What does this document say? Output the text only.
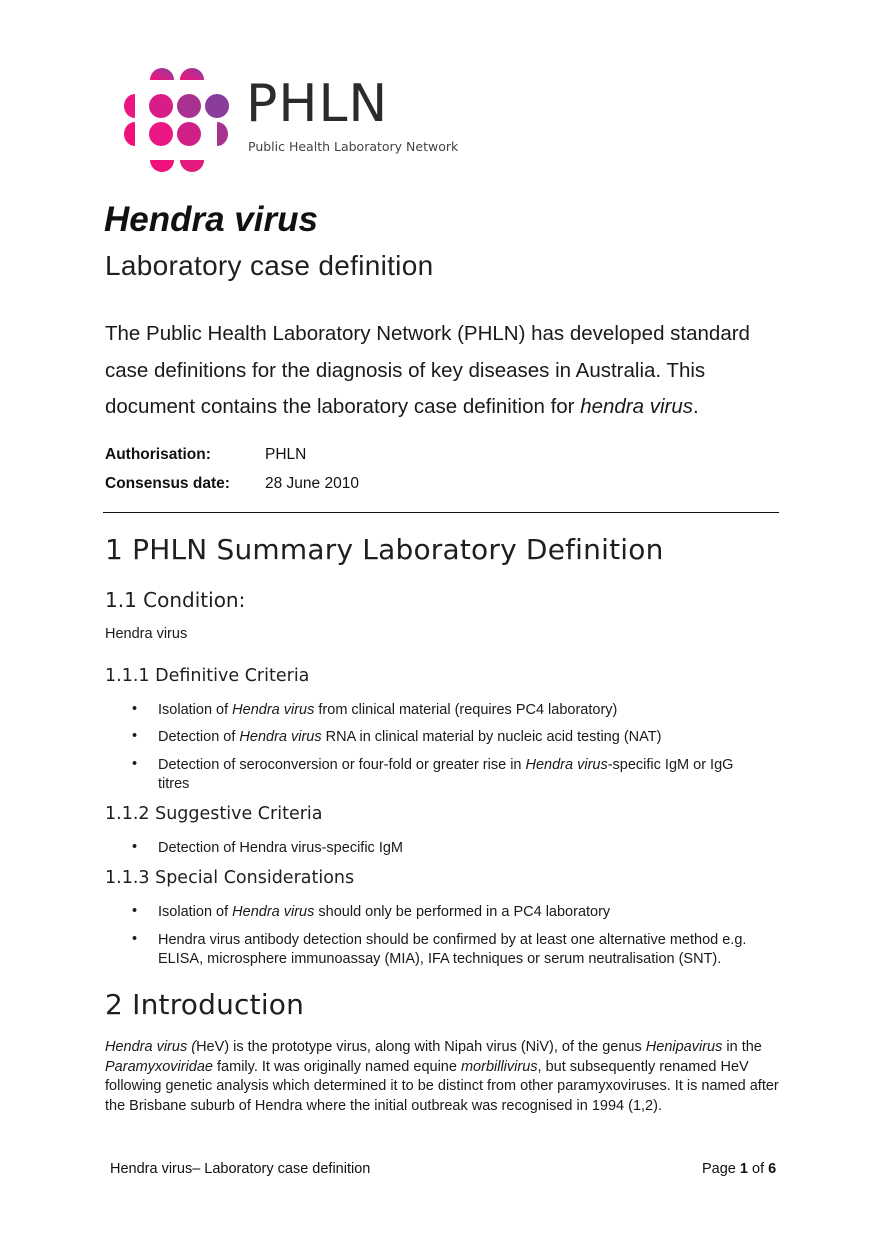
PHLN
Public Health Laboratory Network
Hendra virus
Laboratory case definition
The Public Health Laboratory Network (PHLN) has developed standard case definitions for the diagnosis of key diseases in Australia. This document contains the laboratory case definition for hendra virus.
Authorisation:	PHLN
Consensus date: 28 June 2010
1 PHLN Summary Laboratory Definition
1.1 Condition:
Hendra virus
1.1.1 Definitive Criteria
• Isolation of Hendra virus from clinical material (requires PC4 laboratory)
• Detection of Hendra virus RNA in clinical material by nucleic acid testing (NAT)
• Detection of seroconversion or four-fold or greater rise in Hendra virus-specific IgM or IgG titres
1.1.2 Suggestive Criteria
• Detection of Hendra virus-specific IgM
1.1.3 Special Considerations
• Isolation of Hendra virus should only be performed in a PC4 laboratory
• Hendra virus antibody detection should be confirmed by at least one alternative method e.g. ELISA, microsphere immunoassay (MIA), IFA techniques or serum neutralisation (SNT).
2 Introduction
Hendra virus (HeV) is the prototype virus, along with Nipah virus (NiV), of the genus Henipavirus in the Paramyxoviridae family. It was originally named equine morbillivirus, but subsequently renamed HeV following genetic analysis which determined it to be distinct from other paramyxoviruses. It is named after the Brisbane suburb of Hendra where the initial outbreak was recognised in 1994 (1,2).
Hendra virus– Laboratory case definition	Page 1 of 6
